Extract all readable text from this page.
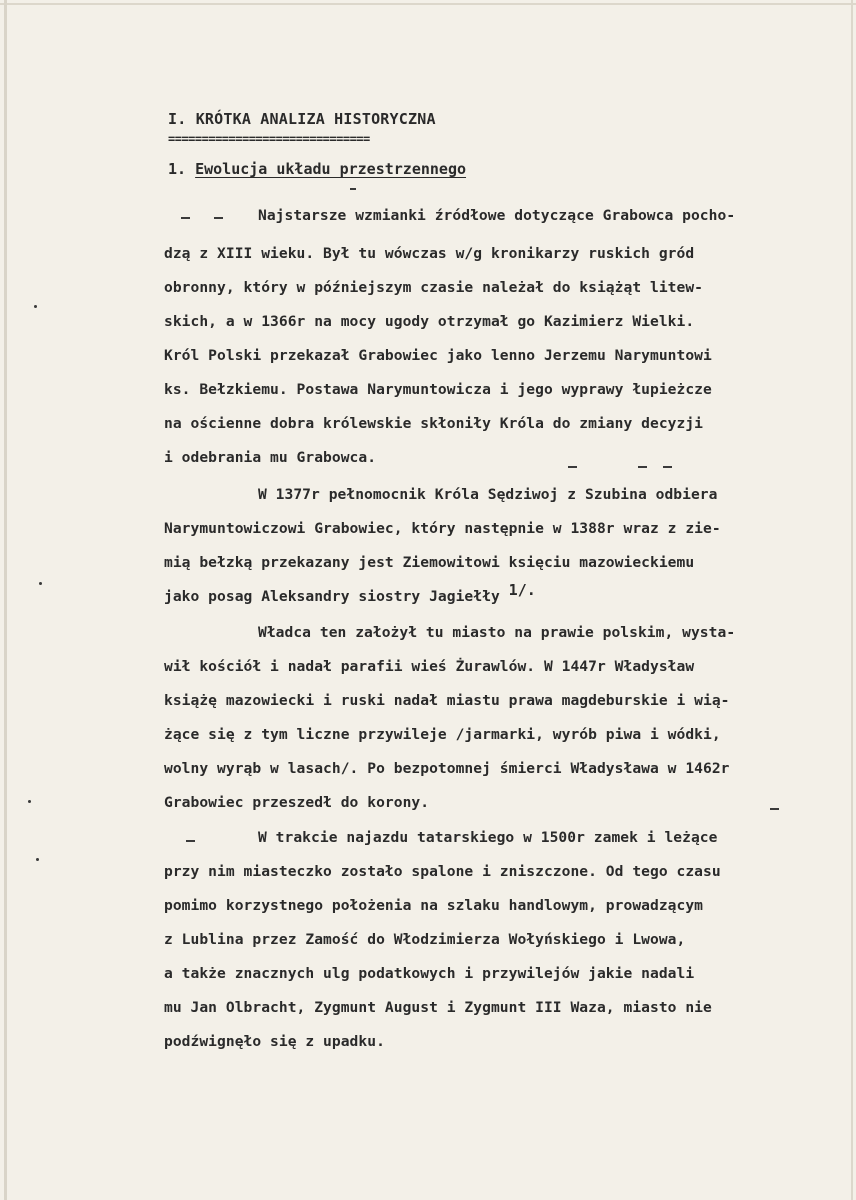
I. KRÓTKA ANALIZA HISTORYCZNA
==============================
1. Ewolucja układu przestrzennego
Najstarsze wzmianki źródłowe dotyczące Grabowca pocho-
dzą z XIII wieku. Był tu wówczas w/g kronikarzy ruskich gród
obronny, który w późniejszym czasie należał do książąt litew-
skich, a w 1366r na mocy ugody otrzymał go Kazimierz Wielki.
Król Polski przekazał Grabowiec jako lenno Jerzemu Narymuntowi
ks. Bełzkiemu. Postawa Narymuntowicza i jego wyprawy łupieżcze
na ościenne dobra królewskie skłoniły Króla do zmiany decyzji
i odebrania mu Grabowca.
W 1377r pełnomocnik Króla Sędziwoj z Szubina odbiera
Narymuntowiczowi Grabowiec, który następnie w 1388r wraz z zie-
mią bełzką przekazany jest Ziemowitowi księciu mazowieckiemu
jako posag Aleksandry siostry Jagiełły 1/.
Władca ten założył tu miasto na prawie polskim, wysta-
wił kościół i nadał parafii wieś Żurawlów. W 1447r Władysław
książę mazowiecki i ruski nadał miastu prawa magdeburskie i wią-
żące się z tym liczne przywileje /jarmarki, wyrób piwa i wódki,
wolny wyrąb w lasach/. Po bezpotomnej śmierci Władysława w 1462r
Grabowiec przeszedł do korony.
W trakcie najazdu tatarskiego w 1500r zamek i leżące
przy nim miasteczko zostało spalone i zniszczone. Od tego czasu
pomimo korzystnego położenia na szlaku handlowym, prowadzącym
z Lublina przez Zamość do Włodzimierza Wołyńskiego i Lwowa,
a także znacznych ulg podatkowych i przywilejów jakie nadali
mu Jan Olbracht, Zygmunt August i Zygmunt III Waza, miasto nie
podźwignęło się z upadku.
